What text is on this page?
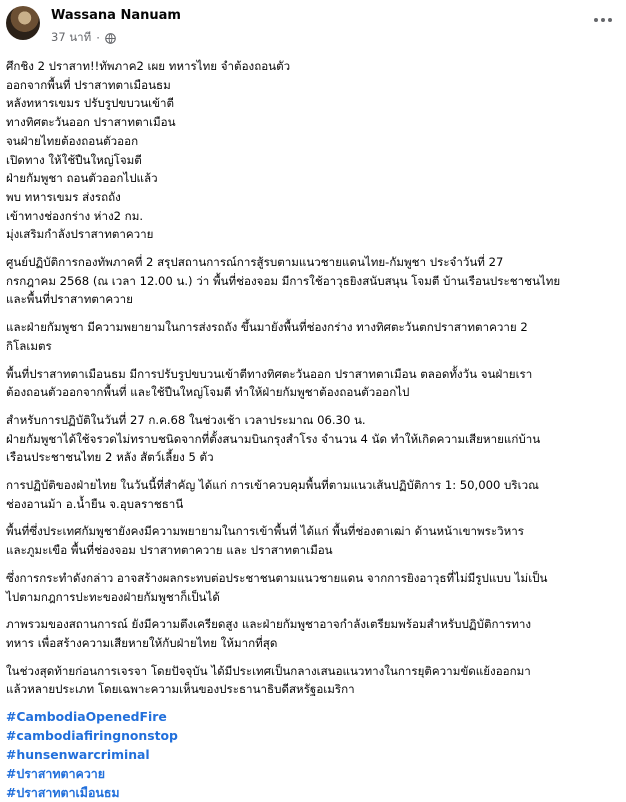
Wassana Nanuam
37 นาที ·

ศึกชิง 2 ปราสาท!!ทัพภาค2 เผย ทหารไทย จำต้องถอนตัว
ออกจากพื้นที่ ปราสาทตาเมือนธม
หลังทหารเขมร ปรับรูปขบวนเข้าตี
ทางทิศตะวันออก ปราสาทตาเมือน
จนฝ่ายไทยต้องถอนตัวออก
เปิดทาง ให้ใช้ปืนใหญ่โจมตี
ฝ่ายกัมพูชา ถอนตัวออกไปแล้ว
พบ ทหารเขมร ส่งรถถัง
เข้าทางช่องกร่าง ห่าง2 กม.
มุ่งเสริมกำลังปราสาทตาควาย

ศูนย์ปฏิบัติการกองทัพภาคที่ 2 สรุปสถานการณ์การสู้รบตามแนวชายแดนไทย-กัมพูชา ประจำวันที่ 27
กรกฎาคม 2568 (ณ เวลา 12.00 น.) ว่า พื้นที่ช่องจอม มีการใช้อาวุธยิงสนับสนุน โจมตี บ้านเรือนประชาชนไทย
และพื้นที่ปราสาทตาควาย

และฝ่ายกัมพูชา มีความพยายามในการส่งรถถัง ขึ้นมายังพื้นที่ช่องกร่าง ทางทิศตะวันตกปราสาทตาควาย 2
กิโลเมตร

พื้นที่ปราสาทตาเมือนธม มีการปรับรูปขบวนเข้าตีทางทิศตะวันออก ปราสาทตาเมือน ตลอดทั้งวัน จนฝ่ายเรา
ต้องถอนตัวออกจากพื้นที่ และใช้ปืนใหญ่โจมตี ทำให้ฝ่ายกัมพูชาต้องถอนตัวออกไป

สำหรับการปฏิบัติในวันที่ 27 ก.ค.68 ในช่วงเช้า เวลาประมาณ 06.30 น.
ฝ่ายกัมพูชาได้ใช้จรวดไม่ทราบชนิดจากที่ตั้งสนามบินกรุงสำโรง จำนวน 4 นัด ทำให้เกิดความเสียหายแก่บ้าน
เรือนประชาชนไทย 2 หลัง สัตว์เลี้ยง 5 ตัว

การปฏิบัติของฝ่ายไทย ในวันนี้ที่สำคัญ ได้แก่ การเข้าควบคุมพื้นที่ตามแนวเส้นปฏิบัติการ 1: 50,000 บริเวณ
ช่องอานม้า อ.น้ำยืน จ.อุบลราชธานี

พื้นที่ซึ่งประเทศกัมพูชายังคงมีความพยายามในการเข้าพื้นที่ ได้แก่ พื้นที่ช่องตาเฒ่า ด้านหน้าเขาพระวิหาร
และภูมะเขือ พื้นที่ช่องจอม ปราสาทตาควาย และ ปราสาทตาเมือน

ซึ่งการกระทำดังกล่าว อาจสร้างผลกระทบต่อประชาชนตามแนวชายแดน จากการยิงอาวุธที่ไม่มีรูปแบบ ไม่เป็น
ไปตามกฎการปะทะของฝ่ายกัมพูชาก็เป็นได้

ภาพรวมของสถานการณ์ ยังมีความตึงเครียดสูง และฝ่ายกัมพูชาอาจกำลังเตรียมพร้อมสำหรับปฏิบัติการทาง
ทหาร เพื่อสร้างความเสียหายให้กับฝ่ายไทย ให้มากที่สุด

ในช่วงสุดท้ายก่อนการเจรจา โดยปัจจุบัน ได้มีประเทศเป็นกลางเสนอแนวทางในการยุติความขัดแย้งออกมา
แล้วหลายประเภท โดยเฉพาะความเห็นของประธานาธิบดีสหรัฐอเมริกา

#CambodiaOpenedFire
#cambodiafiringnonstop
#hunsenwarcriminal
#ปราสาทตาควาย
#ปราสาทตาเมือนธม
